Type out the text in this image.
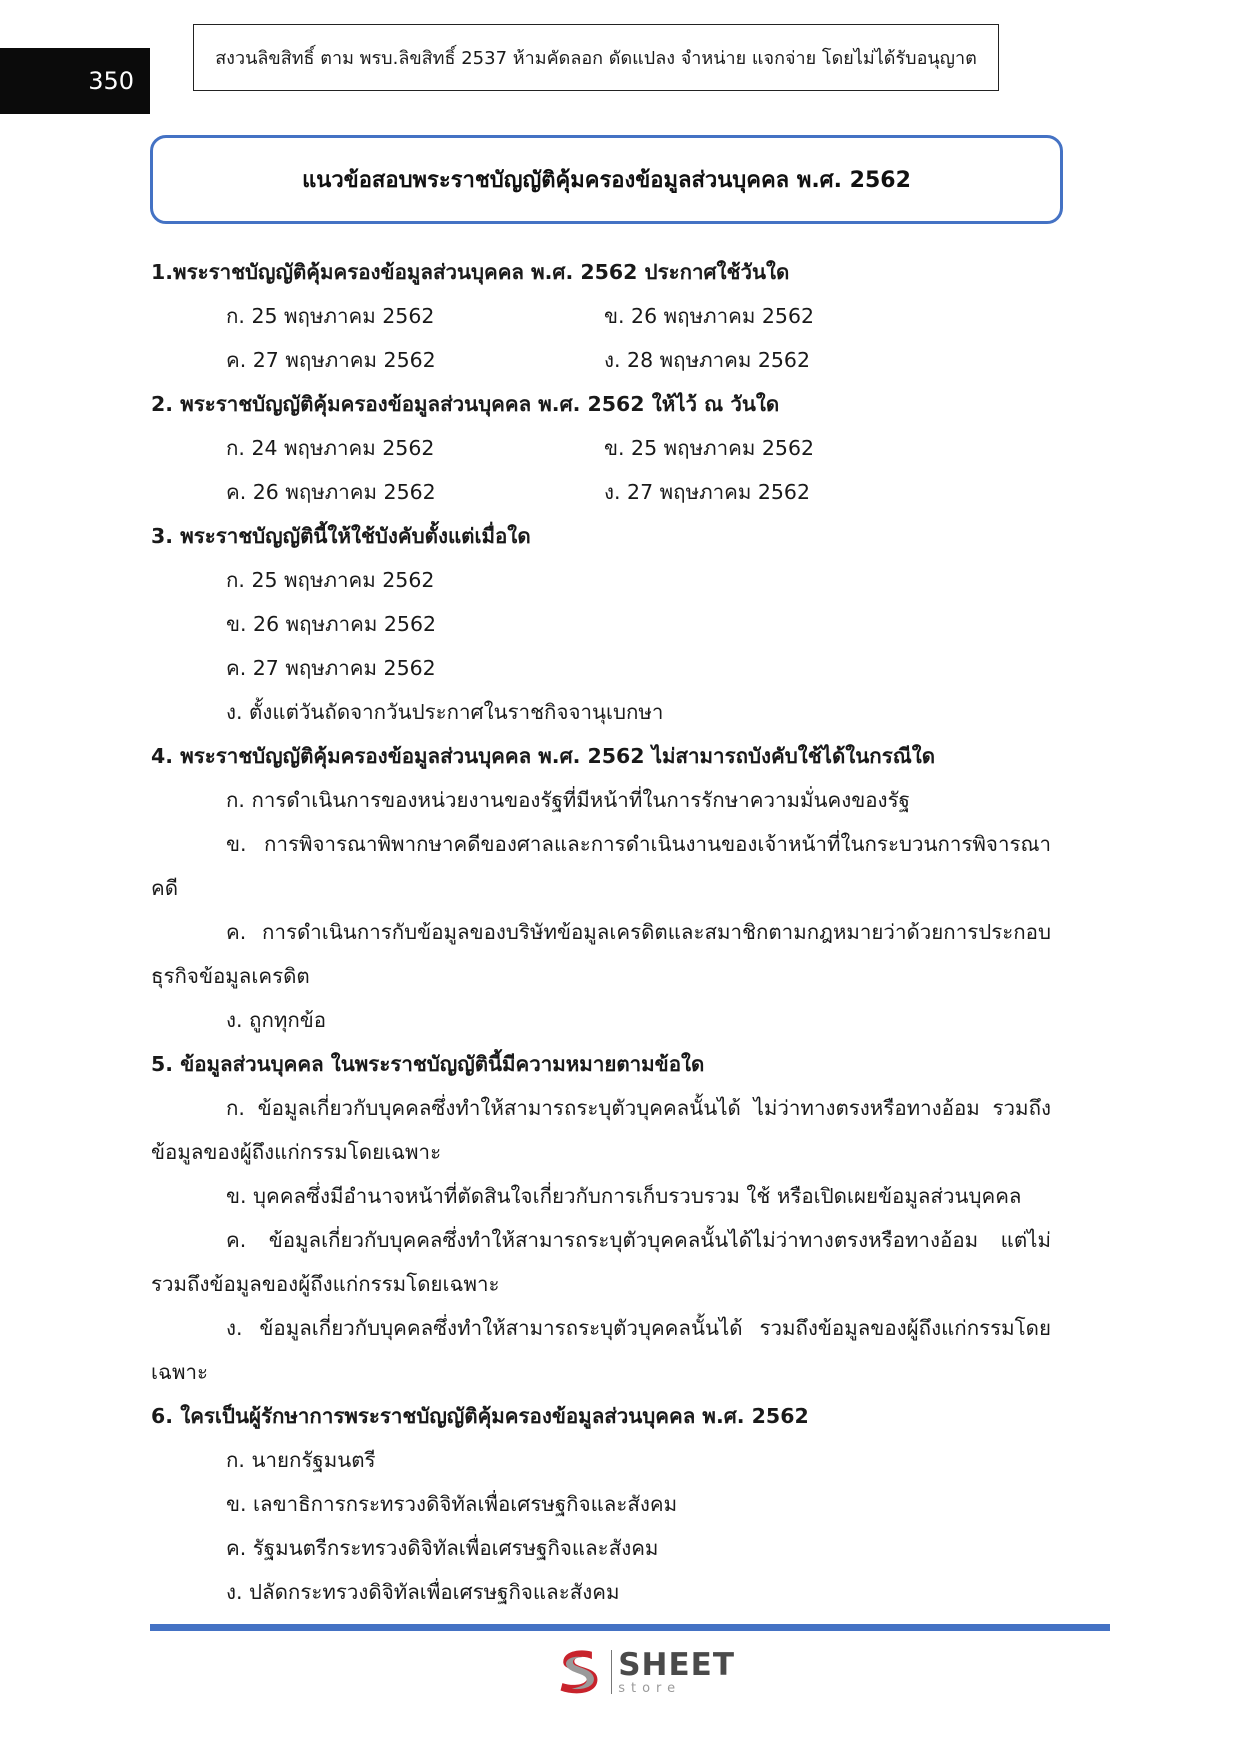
350
สงวนลิขสิทธิ์ ตาม พรบ.ลิขสิทธิ์ 2537 ห้ามคัดลอก ดัดแปลง จำหน่าย แจกจ่าย โดยไม่ได้รับอนุญาต
แนวข้อสอบพระราชบัญญัติคุ้มครองข้อมูลส่วนบุคคล พ.ศ. 2562
1.พระราชบัญญัติคุ้มครองข้อมูลส่วนบุคคล พ.ศ. 2562 ประกาศใช้วันใด
ก. 25 พฤษภาคม 2562	ข. 26 พฤษภาคม 2562
ค. 27 พฤษภาคม 2562	ง. 28 พฤษภาคม 2562
2. พระราชบัญญัติคุ้มครองข้อมูลส่วนบุคคล พ.ศ. 2562 ให้ไว้ ณ วันใด
ก. 24 พฤษภาคม 2562	ข. 25 พฤษภาคม 2562
ค. 26 พฤษภาคม 2562	ง. 27 พฤษภาคม 2562
3. พระราชบัญญัตินี้ให้ใช้บังคับตั้งแต่เมื่อใด
ก. 25 พฤษภาคม 2562
ข. 26 พฤษภาคม 2562
ค. 27 พฤษภาคม 2562
ง. ตั้งแต่วันถัดจากวันประกาศในราชกิจจานุเบกษา
4. พระราชบัญญัติคุ้มครองข้อมูลส่วนบุคคล พ.ศ. 2562 ไม่สามารถบังคับใช้ได้ในกรณีใด
ก. การดำเนินการของหน่วยงานของรัฐที่มีหน้าที่ในการรักษาความมั่นคงของรัฐ
ข. การพิจารณาพิพากษาคดีของศาลและการดำเนินงานของเจ้าหน้าที่ในกระบวนการพิจารณาคดี
ค. การดำเนินการกับข้อมูลของบริษัทข้อมูลเครดิตและสมาชิกตามกฎหมายว่าด้วยการประกอบธุรกิจข้อมูลเครดิต
ง. ถูกทุกข้อ
5. ข้อมูลส่วนบุคคล ในพระราชบัญญัตินี้มีความหมายตามข้อใด
ก. ข้อมูลเกี่ยวกับบุคคลซึ่งทำให้สามารถระบุตัวบุคคลนั้นได้ ไม่ว่าทางตรงหรือทางอ้อม รวมถึงข้อมูลของผู้ถึงแก่กรรมโดยเฉพาะ
ข. บุคคลซึ่งมีอำนาจหน้าที่ตัดสินใจเกี่ยวกับการเก็บรวบรวม ใช้ หรือเปิดเผยข้อมูลส่วนบุคคล
ค. ข้อมูลเกี่ยวกับบุคคลซึ่งทำให้สามารถระบุตัวบุคคลนั้นได้ไม่ว่าทางตรงหรือทางอ้อม แต่ไม่รวมถึงข้อมูลของผู้ถึงแก่กรรมโดยเฉพาะ
ง. ข้อมูลเกี่ยวกับบุคคลซึ่งทำให้สามารถระบุตัวบุคคลนั้นได้ รวมถึงข้อมูลของผู้ถึงแก่กรรมโดยเฉพาะ
6. ใครเป็นผู้รักษาการพระราชบัญญัติคุ้มครองข้อมูลส่วนบุคคล พ.ศ. 2562
ก. นายกรัฐมนตรี
ข. เลขาธิการกระทรวงดิจิทัลเพื่อเศรษฐกิจและสังคม
ค. รัฐมนตรีกระทรวงดิจิทัลเพื่อเศรษฐกิจและสังคม
ง. ปลัดกระทรวงดิจิทัลเพื่อเศรษฐกิจและสังคม
SHEET
store
